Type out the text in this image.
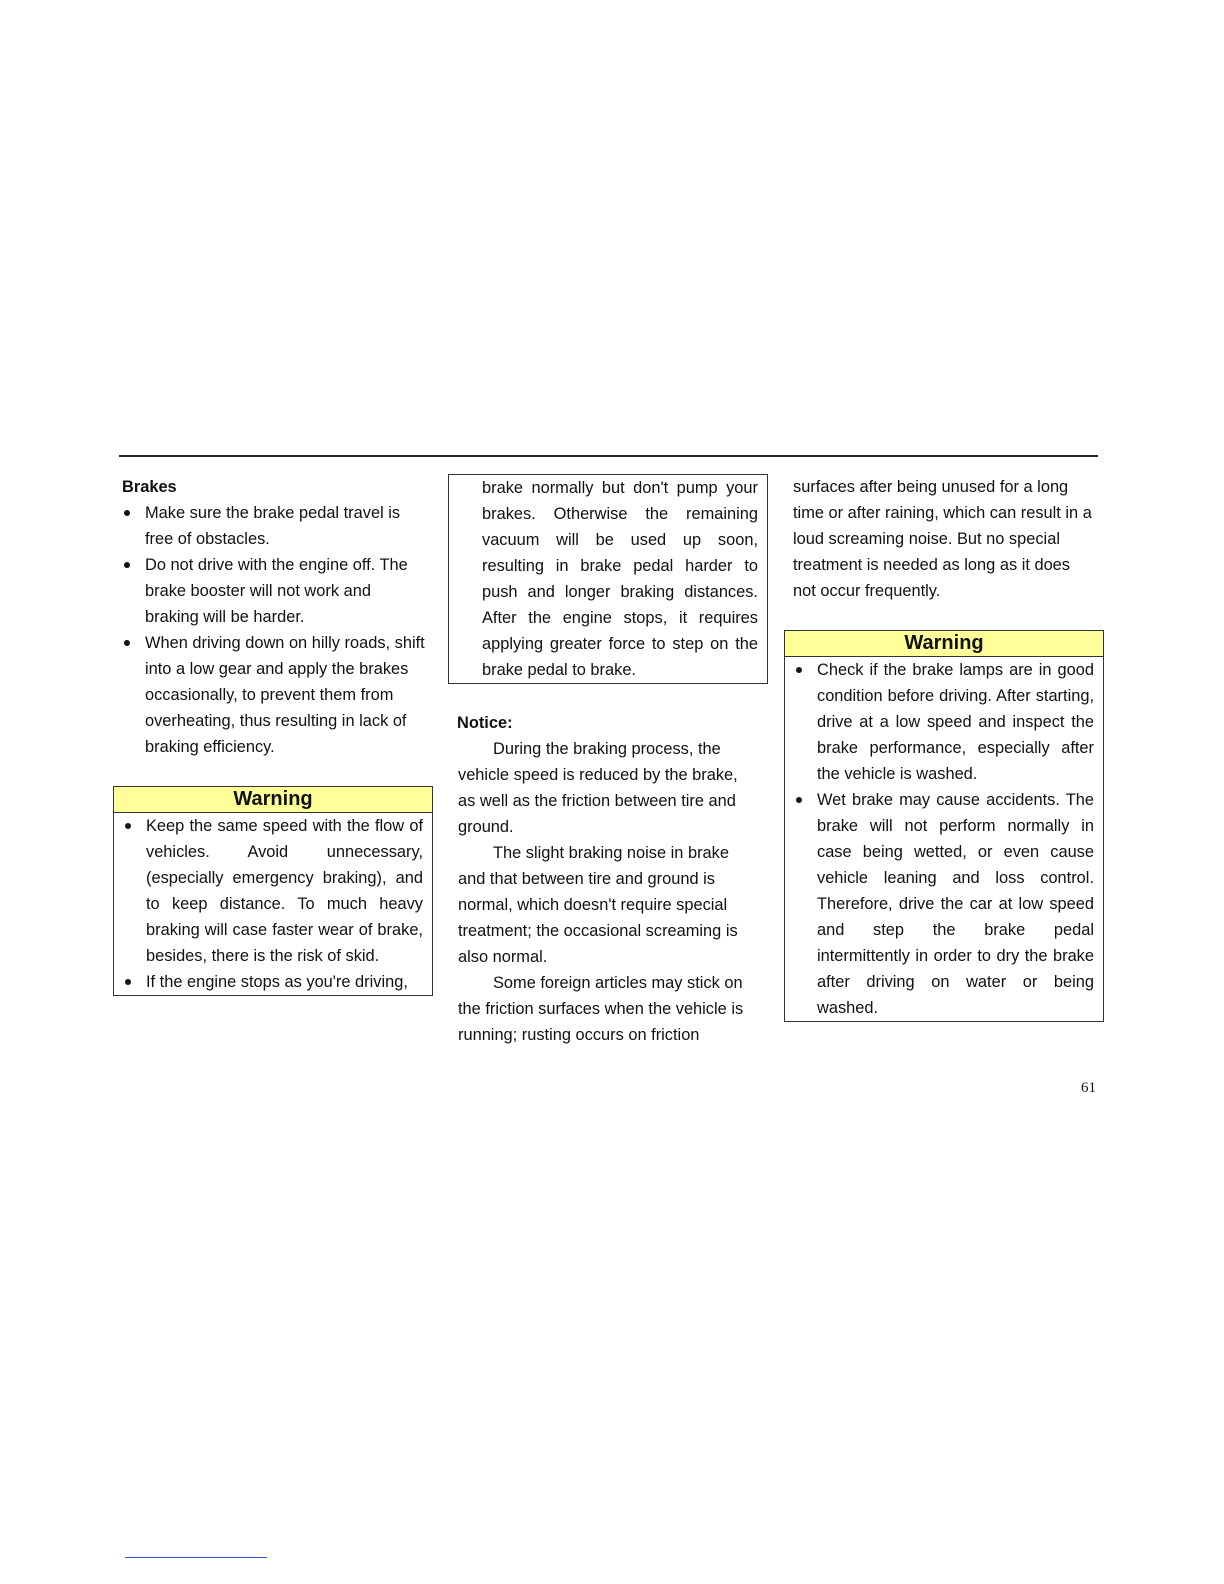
Brakes
Make sure the brake pedal travel is free of obstacles.
Do not drive with the engine off. The brake booster will not work and braking will be harder.
When driving down on hilly roads, shift into a low gear and apply the brakes occasionally, to prevent them from overheating, thus resulting in lack of braking efficiency.
Warning
Keep the same speed with the flow of vehicles. Avoid unnecessary, (especially emergency braking), and to keep distance. To much heavy braking will case faster wear of brake, besides, there is the risk of skid.
If the engine stops as you're driving,

brake normally but don't pump your brakes. Otherwise the remaining vacuum will be used up soon, resulting in brake pedal harder to push and longer braking distances. After the engine stops, it requires applying greater force to step on the brake pedal to brake.

Notice:

During the braking process, the vehicle speed is reduced by the brake, as well as the friction between tire and ground.

The slight braking noise in brake and that between tire and ground is normal, which doesn't require special treatment; the occasional screaming is also normal.

Some foreign articles may stick on the friction surfaces when the vehicle is running; rusting occurs on friction

surfaces after being unused for a long time or after raining, which can result in a loud screaming noise. But no special treatment is needed as long as it does not occur frequently.

Warning
Check if the brake lamps are in good condition before driving. After starting, drive at a low speed and inspect the brake performance, especially after the vehicle is washed.
Wet brake may cause accidents. The brake will not perform normally in case being wetted, or even cause vehicle leaning and loss control. Therefore, drive the car at low speed and step the brake pedal intermittently in order to dry the brake after driving on water or being washed.
61
